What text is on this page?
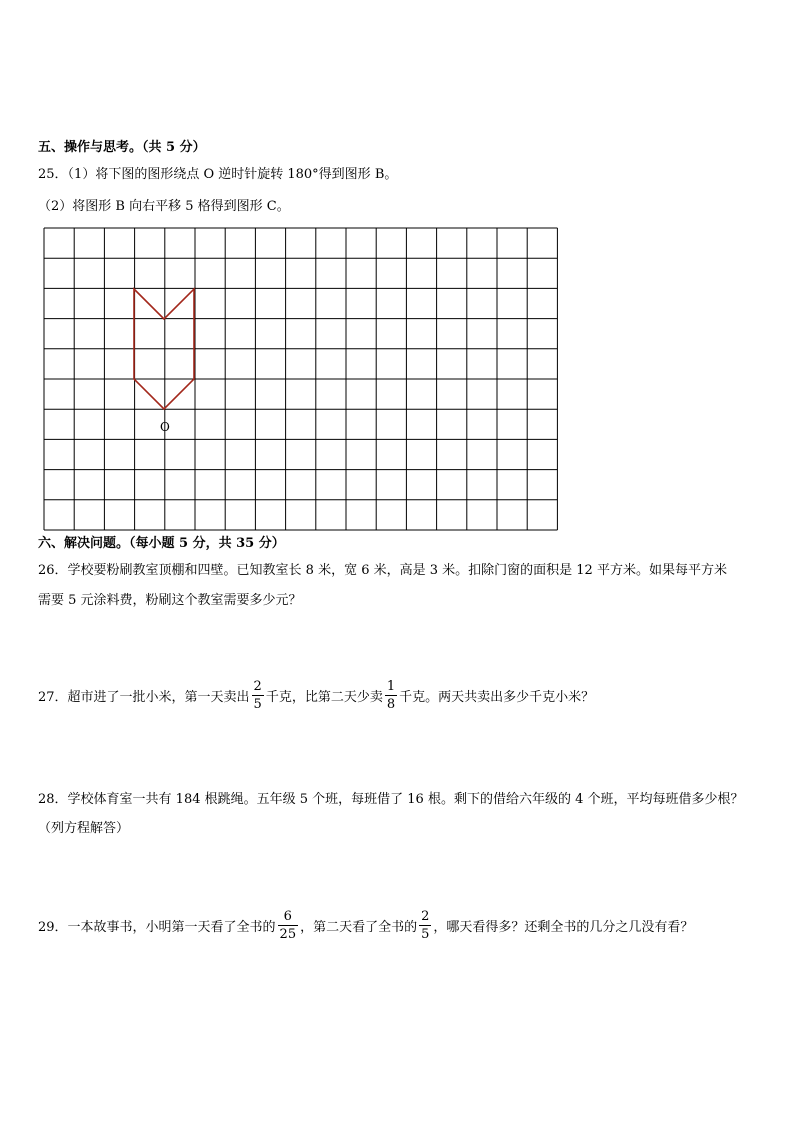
五、操作与思考。（共 5 分）
25．（1）将下图的图形绕点 O 逆时针旋转 180°得到图形 B。
（2）将图形 B 向右平移 5 格得到图形 C。
O
六、解决问题。（每小题 5 分，共 35 分）
26．学校要粉刷教室顶棚和四壁。已知教室长 8 米，宽 6 米，高是 3 米。扣除门窗的面积是 12 平方米。如果每平方米
需要 5 元涂料费，粉刷这个教室需要多少元？
27．超市进了一批小米，第一天卖出 $\frac{2}{5}$ 千克，比第二天少卖 $\frac{1}{8}$ 千克。两天共卖出多少千克小米？
28．学校体育室一共有 184 根跳绳。五年级 5 个班，每班借了 16 根。剩下的借给六年级的 4 个班，平均每班借多少根？
（列方程解答）
29．一本故事书，小明第一天看了全书的 $\frac{6}{25}$ ，第二天看了全书的 $\frac{2}{5}$ ，哪天看得多？还剩全书的几分之几没有看？
